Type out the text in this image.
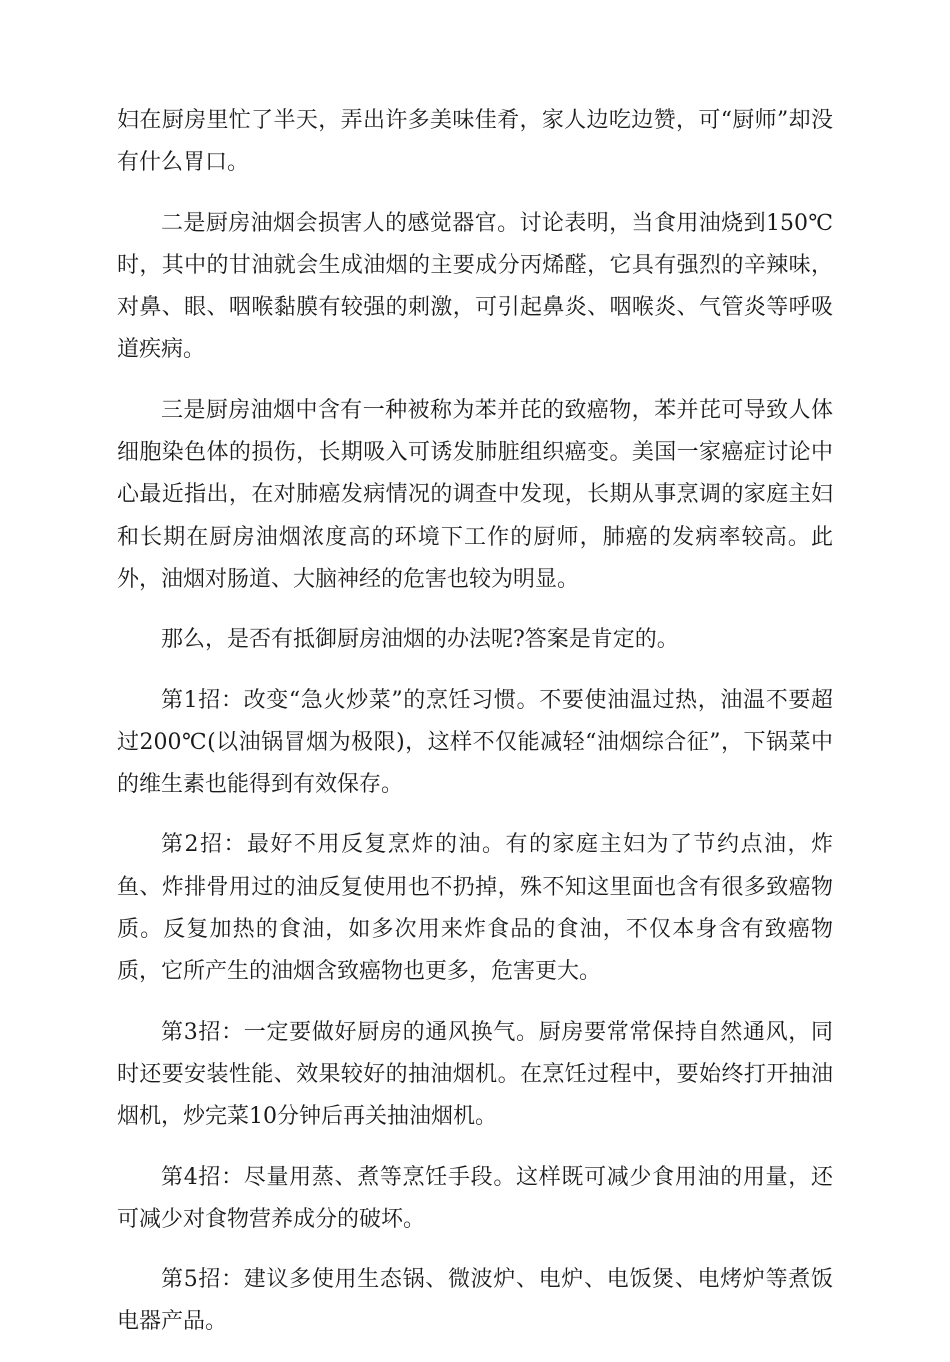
妇在厨房里忙了半天，弄出许多美味佳肴，家人边吃边赞，可“厨师”却没有什么胃口。

二是厨房油烟会损害人的感觉器官。讨论表明，当食用油烧到150℃时，其中的甘油就会生成油烟的主要成分丙烯醛，它具有强烈的辛辣味，对鼻、眼、咽喉黏膜有较强的刺激，可引起鼻炎、咽喉炎、气管炎等呼吸道疾病。

三是厨房油烟中含有一种被称为苯并芘的致癌物，苯并芘可导致人体细胞染色体的损伤，长期吸入可诱发肺脏组织癌变。美国一家癌症讨论中心最近指出，在对肺癌发病情况的调查中发现，长期从事烹调的家庭主妇和长期在厨房油烟浓度高的环境下工作的厨师，肺癌的发病率较高。此外，油烟对肠道、大脑神经的危害也较为明显。

那么，是否有抵御厨房油烟的办法呢?答案是肯定的。

第1招：改变“急火炒菜”的烹饪习惯。不要使油温过热，油温不要超过200℃(以油锅冒烟为极限)，这样不仅能减轻“油烟综合征”，下锅菜中的维生素也能得到有效保存。

第2招：最好不用反复烹炸的油。有的家庭主妇为了节约点油，炸鱼、炸排骨用过的油反复使用也不扔掉，殊不知这里面也含有很多致癌物质。反复加热的食油，如多次用来炸食品的食油，不仅本身含有致癌物质，它所产生的油烟含致癌物也更多，危害更大。

第3招：一定要做好厨房的通风换气。厨房要常常保持自然通风，同时还要安装性能、效果较好的抽油烟机。在烹饪过程中，要始终打开抽油烟机，炒完菜10分钟后再关抽油烟机。

第4招：尽量用蒸、煮等烹饪手段。这样既可减少食用油的用量，还可减少对食物营养成分的破坏。

第5招：建议多使用生态锅、微波炉、电炉、电饭煲、电烤炉等煮饭电器产品。
